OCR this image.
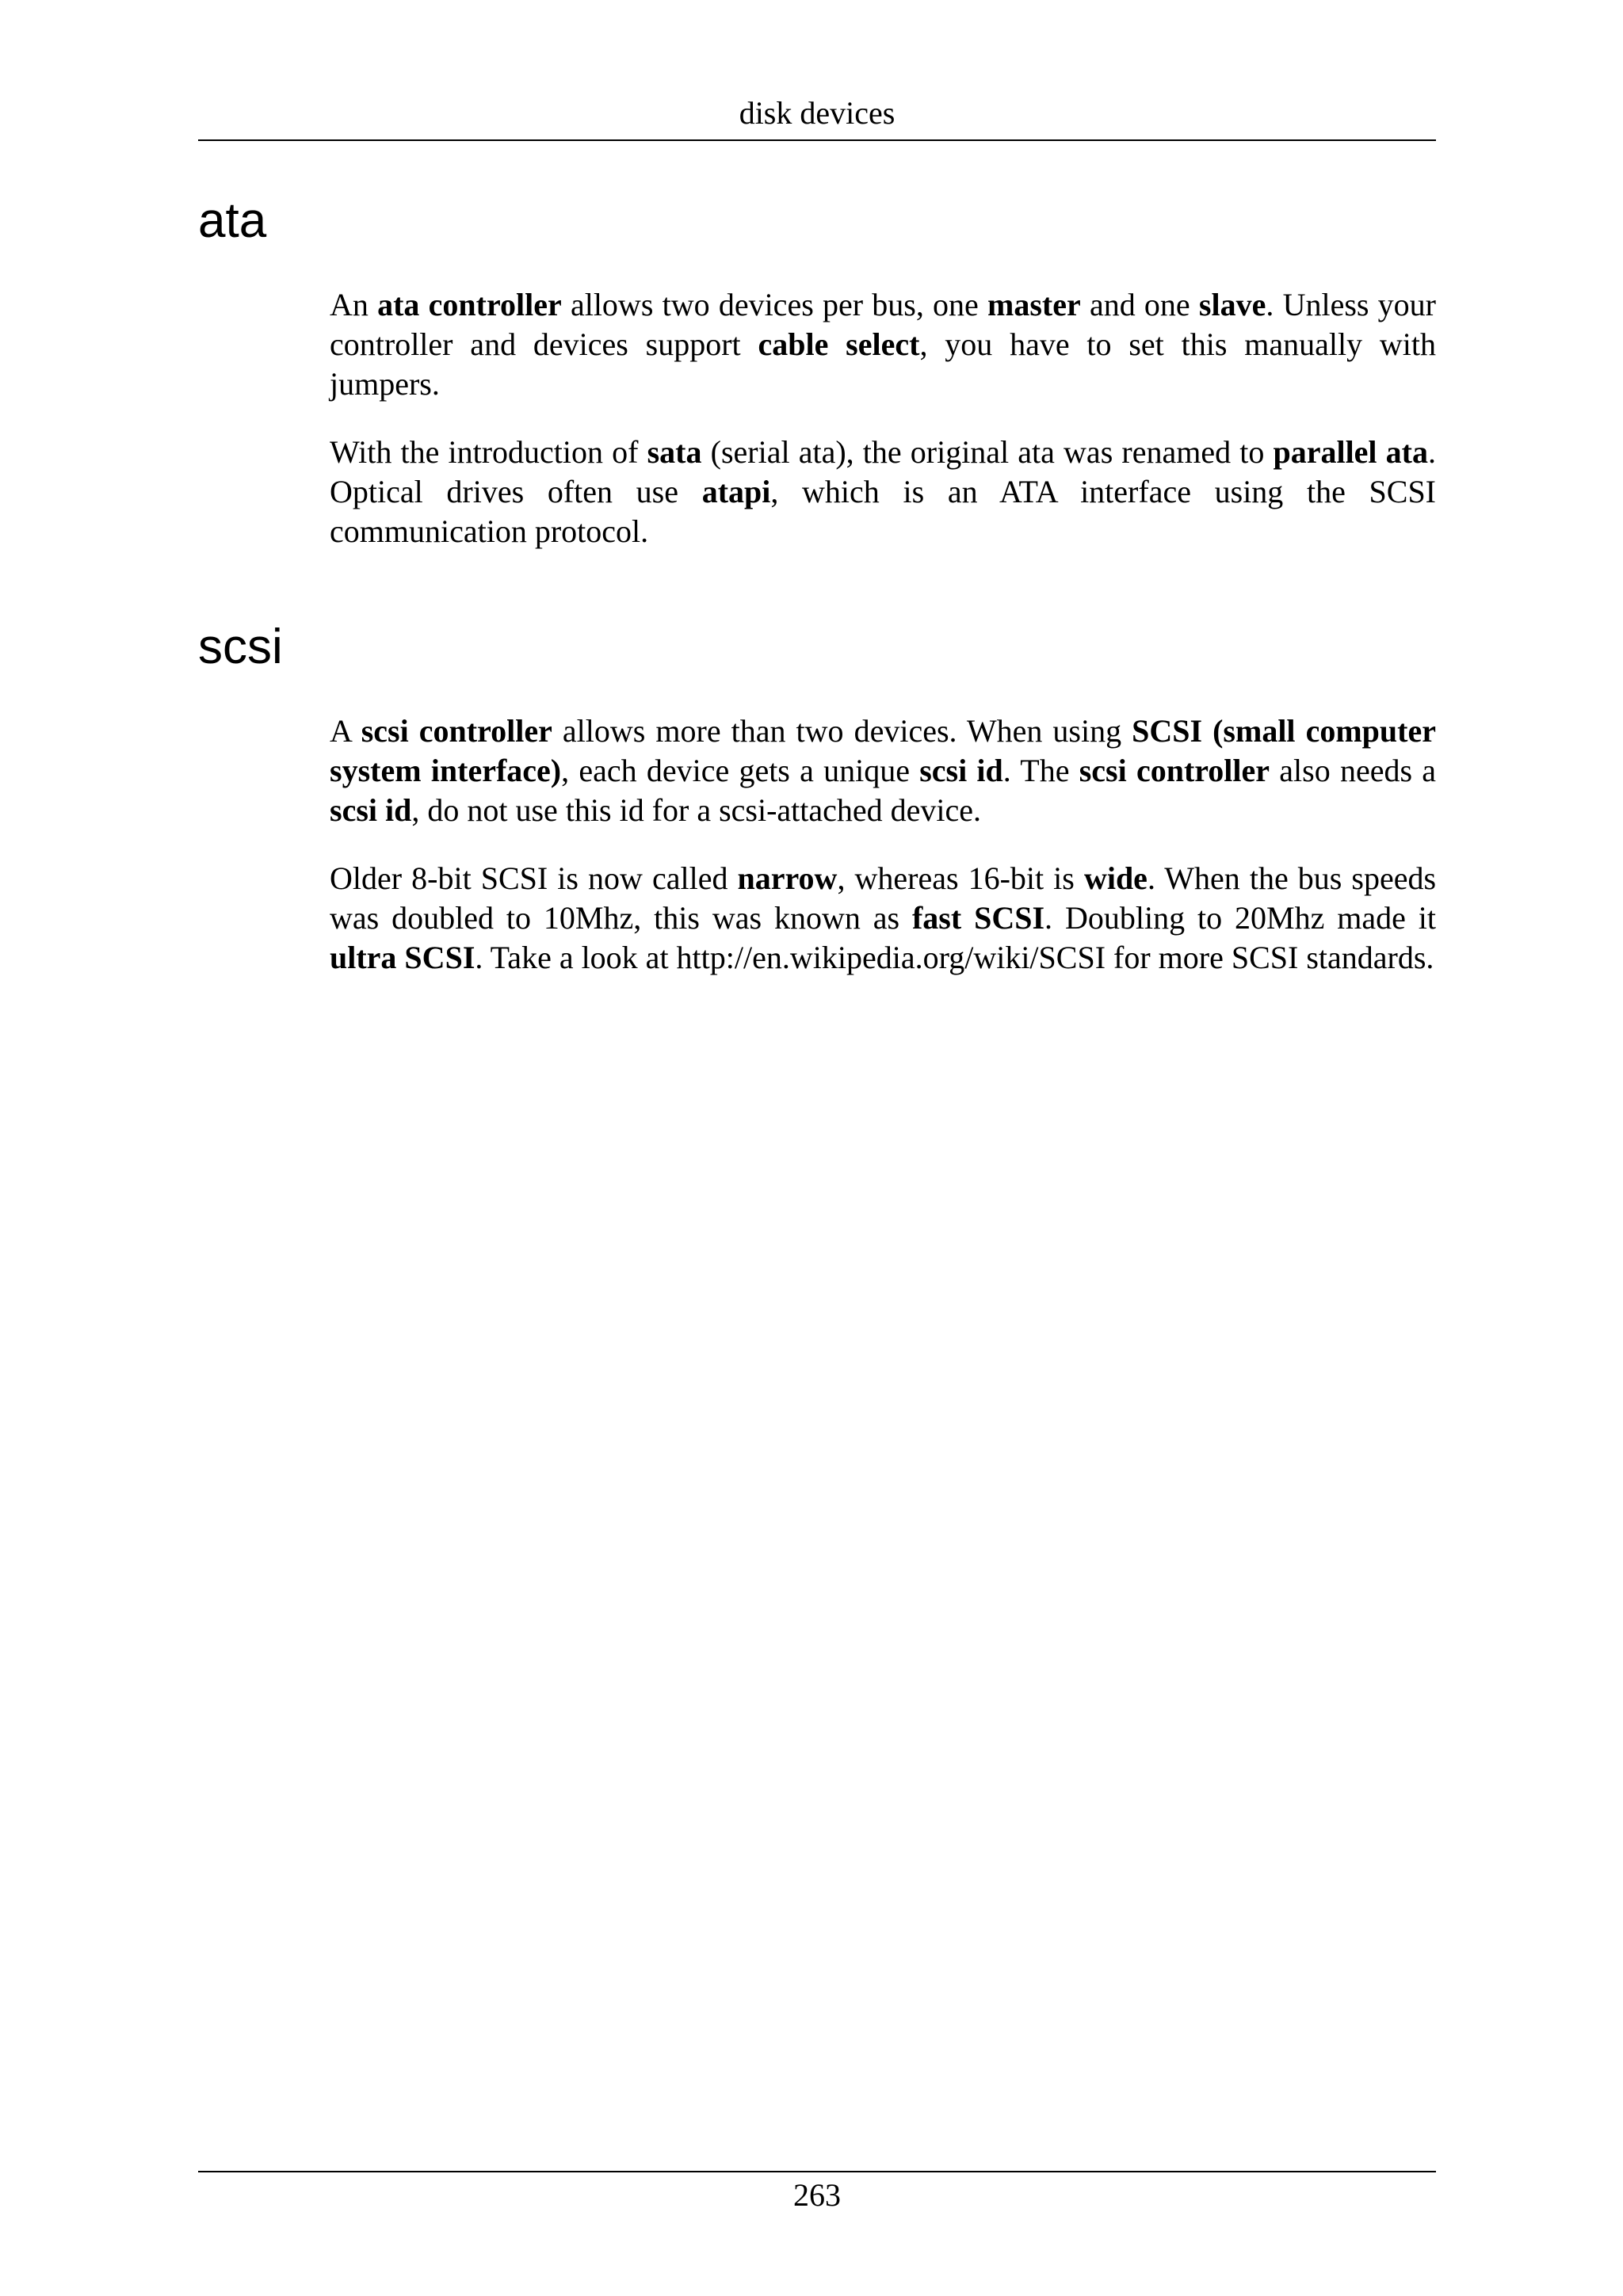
disk devices
ata

An ata controller allows two devices per bus, one master and one slave. Unless your controller and devices support cable select, you have to set this manually with jumpers.

With the introduction of sata (serial ata), the original ata was renamed to parallel ata. Optical drives often use atapi, which is an ATA interface using the SCSI communication protocol.

scsi

A scsi controller allows more than two devices. When using SCSI (small computer system interface), each device gets a unique scsi id. The scsi controller also needs a scsi id, do not use this id for a scsi-attached device.

Older 8-bit SCSI is now called narrow, whereas 16-bit is wide. When the bus speeds was doubled to 10Mhz, this was known as fast SCSI. Doubling to 20Mhz made it ultra SCSI. Take a look at http://en.wikipedia.org/wiki/SCSI for more SCSI standards.

263
